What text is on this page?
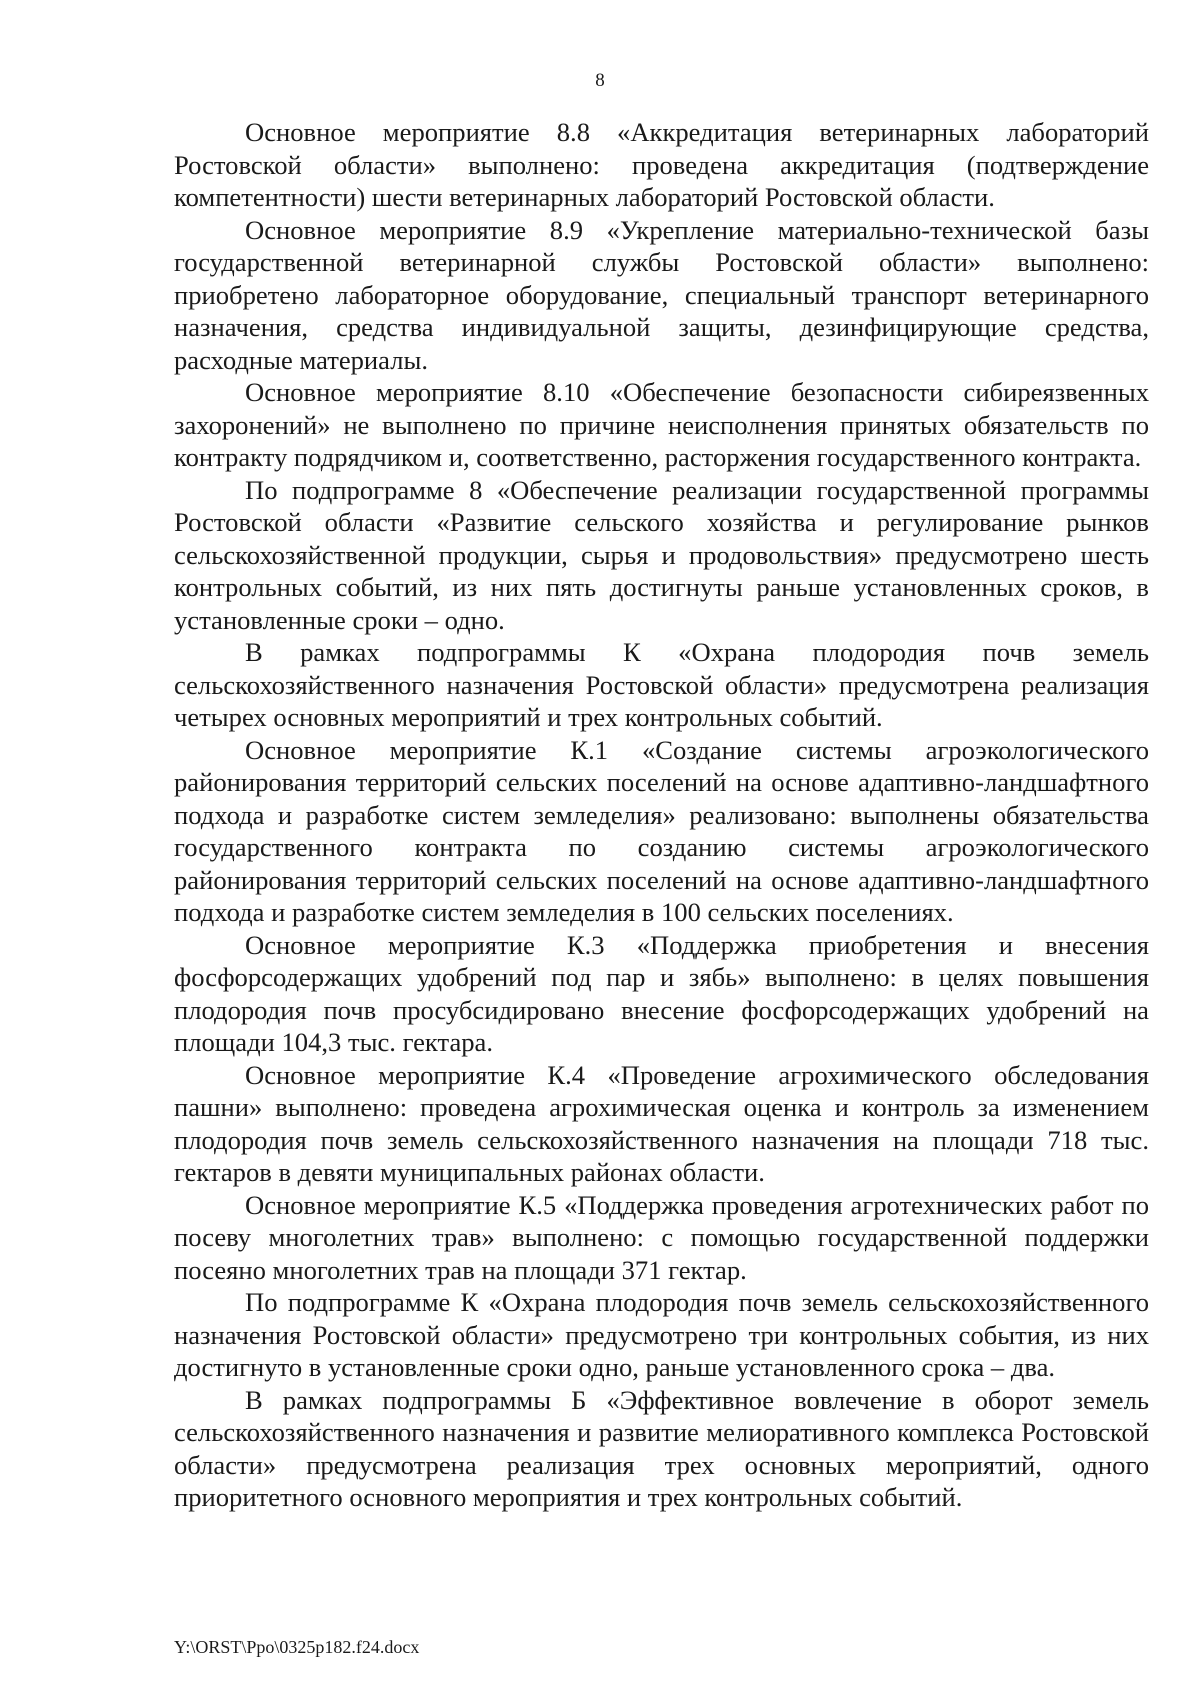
8

Основное мероприятие 8.8 «Аккредитация ветеринарных лабораторий Ростовской области» выполнено: проведена аккредитация (подтверждение компетентности) шести ветеринарных лабораторий Ростовской области.

Основное мероприятие 8.9 «Укрепление материально-технической базы государственной ветеринарной службы Ростовской области» выполнено: приобретено лабораторное оборудование, специальный транспорт ветеринарного назначения, средства индивидуальной защиты, дезинфицирующие средства, расходные материалы.

Основное мероприятие 8.10 «Обеспечение безопасности сибиреязвенных захоронений» не выполнено по причине неисполнения принятых обязательств по контракту подрядчиком и, соответственно, расторжения государственного контракта.

По подпрограмме 8 «Обеспечение реализации государственной программы Ростовской области «Развитие сельского хозяйства и регулирование рынков сельскохозяйственной продукции, сырья и продовольствия» предусмотрено шесть контрольных событий, из них пять достигнуты раньше установленных сроков, в установленные сроки – одно.

В рамках подпрограммы К «Охрана плодородия почв земель сельскохозяйственного назначения Ростовской области» предусмотрена реализация четырех основных мероприятий и трех контрольных событий.

Основное мероприятие К.1 «Создание системы агроэкологического районирования территорий сельских поселений на основе адаптивно-ландшафтного подхода и разработке систем земледелия» реализовано: выполнены обязательства государственного контракта по созданию системы агроэкологического районирования территорий сельских поселений на основе адаптивно-ландшафтного подхода и разработке систем земледелия в 100 сельских поселениях.

Основное мероприятие К.3 «Поддержка приобретения и внесения фосфорсодержащих удобрений под пар и зябь» выполнено: в целях повышения плодородия почв просубсидировано внесение фосфорсодержащих удобрений на площади 104,3 тыс. гектара.

Основное мероприятие К.4 «Проведение агрохимического обследования пашни» выполнено: проведена агрохимическая оценка и контроль за изменением плодородия почв земель сельскохозяйственного назначения на площади 718 тыс. гектаров в девяти муниципальных районах области.

Основное мероприятие К.5 «Поддержка проведения агротехнических работ по посеву многолетних трав» выполнено: с помощью государственной поддержки посеяно многолетних трав на площади 371 гектар.

По подпрограмме К «Охрана плодородия почв земель сельскохозяйственного назначения Ростовской области» предусмотрено три контрольных события, из них достигнуто в установленные сроки одно, раньше установленного срока – два.

В рамках подпрограммы Б «Эффективное вовлечение в оборот земель сельскохозяйственного назначения и развитие мелиоративного комплекса Ростовской области» предусмотрена реализация трех основных мероприятий, одного приоритетного основного мероприятия и трех контрольных событий.

Y:\ORST\Ppo\0325p182.f24.docx
